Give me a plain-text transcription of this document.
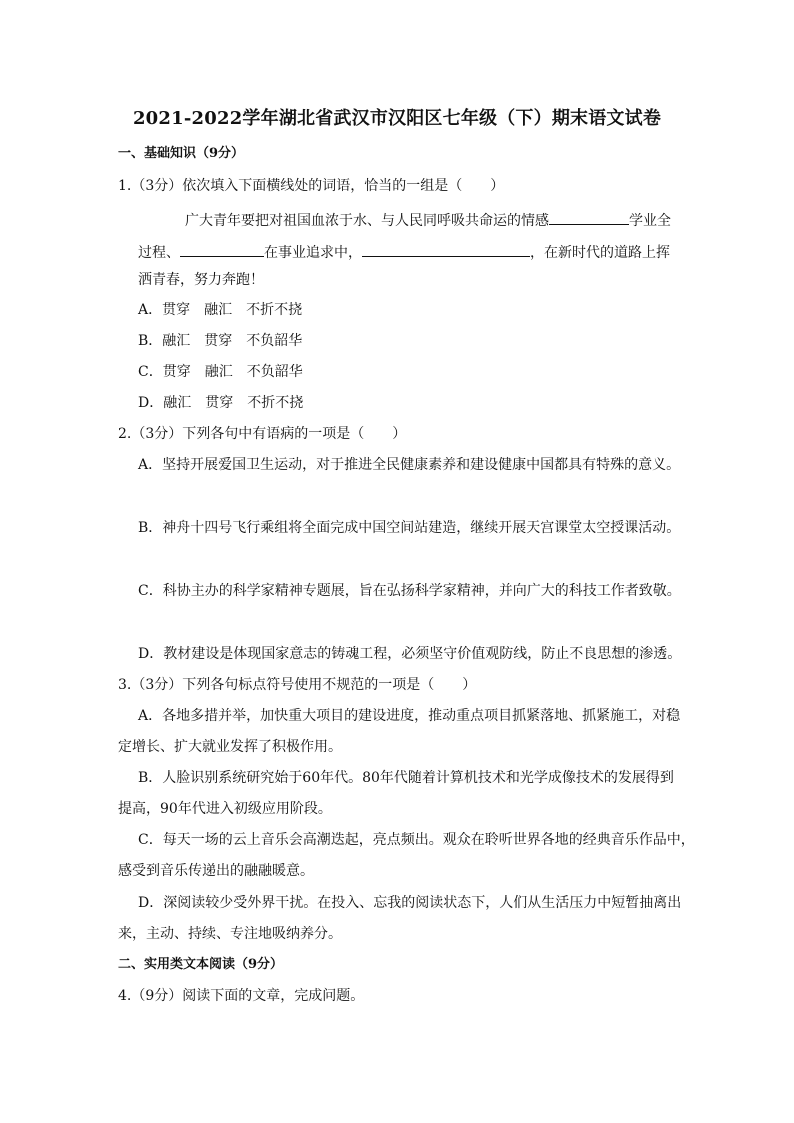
2021-2022学年湖北省武汉市汉阳区七年级（下）期末语文试卷
一、基础知识（9分）
1.（3分）依次填入下面横线处的词语，恰当的一组是（　　）
广大青年要把对祖国血浓于水、与人民同呼吸共命运的情感	学业全
过程、	在事业追求中，	，在新时代的道路上挥
洒青春，努力奔跑！
A．贯穿 融汇 不折不挠
B．融汇 贯穿 不负韶华
C．贯穿 融汇 不负韶华
D．融汇 贯穿 不折不挠
2.（3分）下列各句中有语病的一项是（　　）
A．坚持开展爱国卫生运动，对于推进全民健康素养和建设健康中国都具有特殊的意义。
B．神舟十四号飞行乘组将全面完成中国空间站建造，继续开展天宫课堂太空授课活动。
C．科协主办的科学家精神专题展，旨在弘扬科学家精神，并向广大的科技工作者致敬。
D．教材建设是体现国家意志的铸魂工程，必须坚守价值观防线，防止不良思想的渗透。
3.（3分）下列各句标点符号使用不规范的一项是（　　）
A．各地多措并举，加快重大项目的建设进度，推动重点项目抓紧落地、抓紧施工，对稳
定增长、扩大就业发挥了积极作用。
B．人脸识别系统研究始于60年代。80年代随着计算机技术和光学成像技术的发展得到
提高，90年代进入初级应用阶段。
C．每天一场的云上音乐会高潮迭起，亮点频出。观众在聆听世界各地的经典音乐作品中，
感受到音乐传递出的融融暖意。
D．深阅读较少受外界干扰。在投入、忘我的阅读状态下，人们从生活压力中短暂抽离出
来，主动、持续、专注地吸纳养分。
二、实用类文本阅读（9分）
4.（9分）阅读下面的文章，完成问题。
